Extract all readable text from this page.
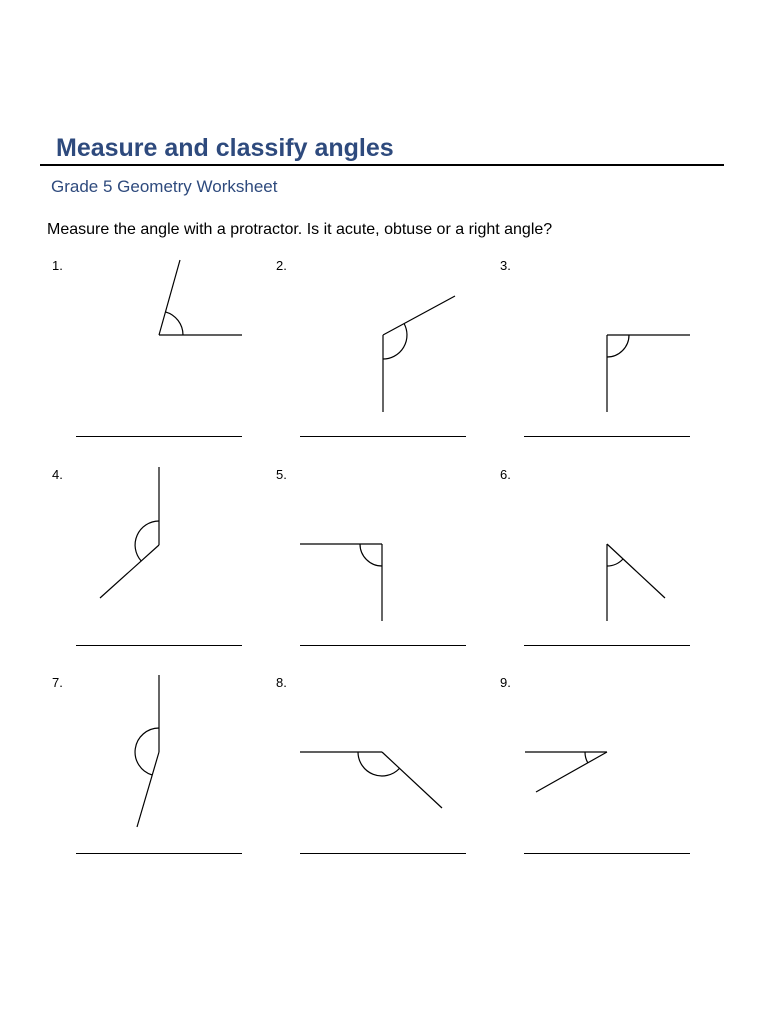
Measure and classify angles
Grade 5 Geometry Worksheet
Measure the angle with a protractor. Is it acute, obtuse or a right angle?
1.	2.	3.
4.	5.	6.
7.	8.	9.
